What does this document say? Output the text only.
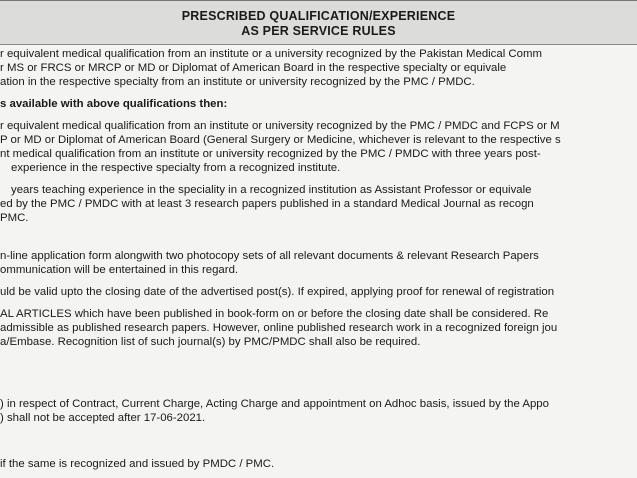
PRESCRIBED QUALIFICATION/EXPERIENCE
AS PER SERVICE RULES
r equivalent medical qualification from an institute or a university recognized by the Pakistan Medical Comm
r MS or FRCS or MRCP or MD or Diplomat of American Board in the respective specialty or equivale
ation in the respective specialty from an institute or university recognized by the PMC / PMDC.
s available with above qualifications then:
r equivalent medical qualification from an institute or university recognized by the PMC / PMDC and FCPS or M
P or MD or Diplomat of American Board (General Surgery or Medicine, whichever is relevant to the respective s
nt medical qualification from an institute or university recognized by the PMC / PMDC with three years post-
experience in the respective specialty from a recognized institute.
years teaching experience in the speciality in a recognized institution as Assistant Professor or equivale
ed by the PMC / PMDC with at least 3 research papers published in a standard Medical Journal as recogn
PMC.
n-line application form alongwith two photocopy sets of all relevant documents & relevant Research Papers
ommunication will be entertained in this regard.
uld be valid upto the closing date of the advertised post(s). If expired, applying proof for renewal of registration
AL ARTICLES which have been published in book-form on or before the closing date shall be considered. Re
admissible as published research papers. However, online published research work in a recognized foreign jou
a/Embase. Recognition list of such journal(s) by PMC/PMDC shall also be required.
) in respect of Contract, Current Charge, Acting Charge and appointment on Adhoc basis, issued by the Appo
) shall not be accepted after 17-06-2021.
if the same is recognized and issued by PMDC / PMC.
